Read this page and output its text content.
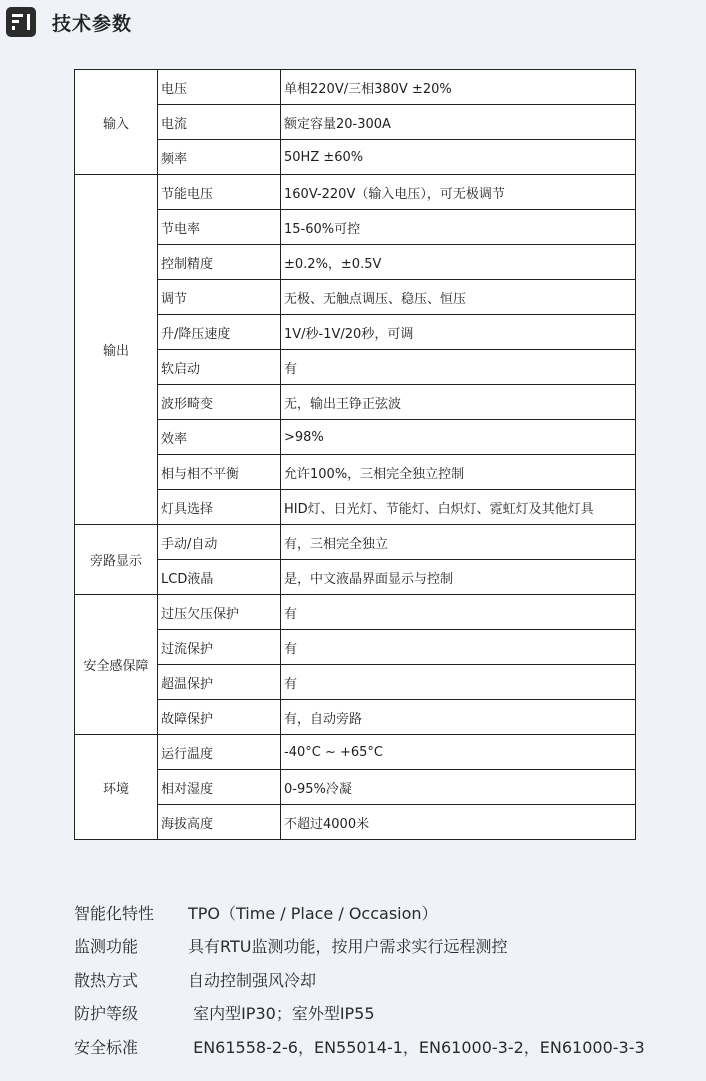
技术参数
输入	电压	单相220V/三相380V ±20%
	电流	额定容量20-300A
	频率	50HZ ±60%
输出	节能电压	160V-220V（输入电压），可无极调节
	节电率	15-60%可控
	控制精度	±0.2%，±0.5V
	调节	无极、无触点调压、稳压、恒压
	升/降压速度	1V/秒-1V/20秒，可调
	软启动	有
	波形畸变	无，输出王铮正弦波
	效率	>98%
	相与相不平衡	允许100%，三相完全独立控制
	灯具选择	HID灯、日光灯、节能灯、白炽灯、霓虹灯及其他灯具
旁路显示	手动/自动	有，三相完全独立
	LCD液晶	是，中文液晶界面显示与控制
安全感保障	过压欠压保护	有
	过流保护	有
	超温保护	有
	故障保护	有，自动旁路
环境	运行温度	-40°C ~ +65°C
	相对湿度	0-95%冷凝
	海拔高度	不超过4000米
智能化特性	TPO（Time / Place / Occasion）
监测功能	具有RTU监测功能，按用户需求实行远程测控
散热方式	自动控制强风冷却
防护等级	室内型IP30；室外型IP55
安全标准	EN61558-2-6，EN55014-1，EN61000-3-2，EN61000-3-3
